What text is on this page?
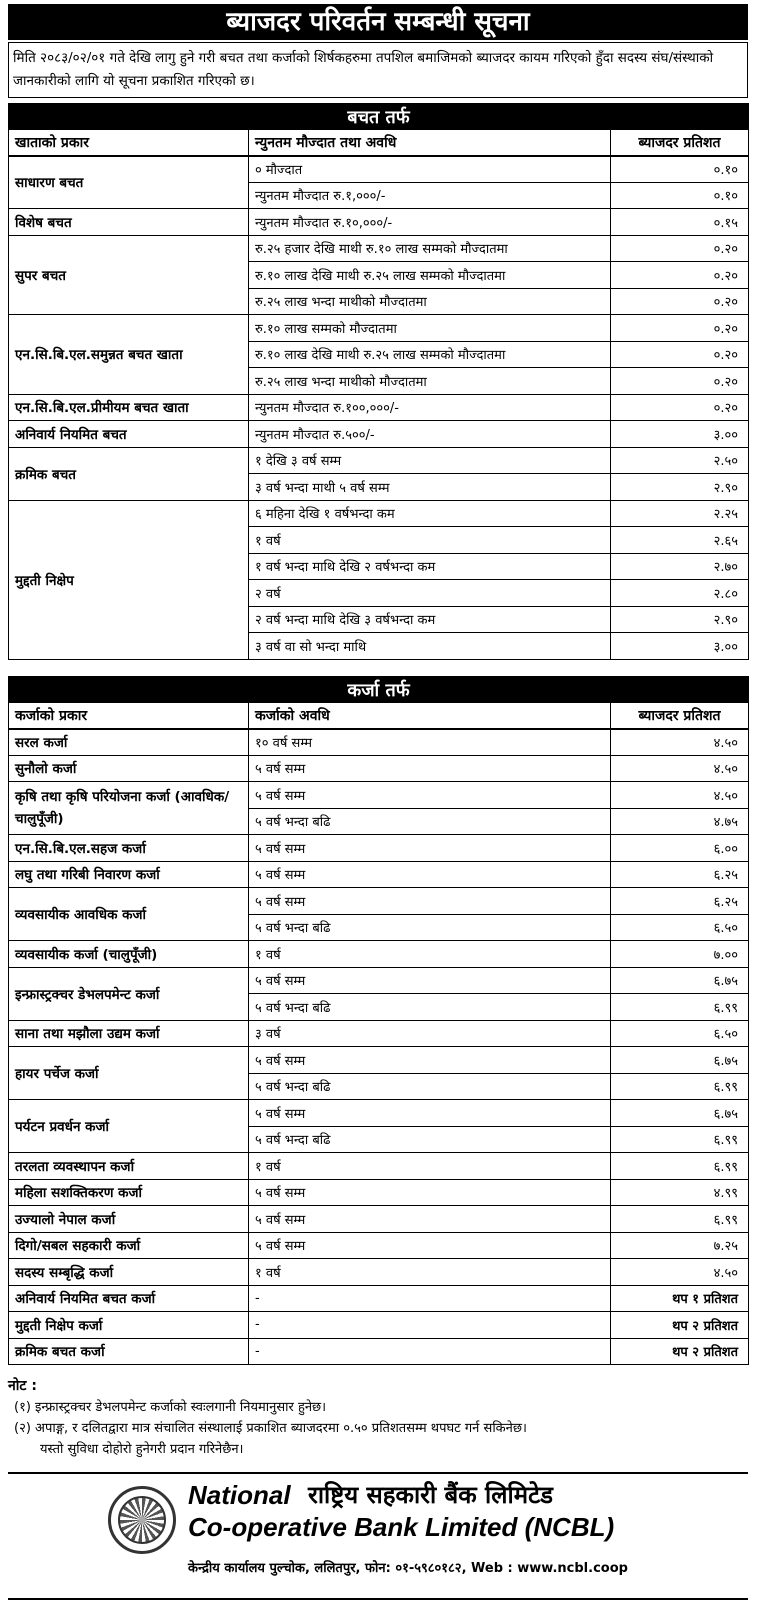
ब्याजदर परिवर्तन सम्बन्धी सूचना
मिति २०८३/०२/०१ गते देखि लागु हुने गरी बचत तथा कर्जाको शिर्षकहरुमा तपशिल बमाजिमको ब्याजदर कायम गरिएको हुँदा सदस्य संघ/संस्थाको जानकारीको लागि यो सूचना प्रकाशित गरिएको छ।
बचत तर्फ		
खाताको प्रकार	न्युनतम मौज्दात तथा अवधि	ब्याजदर प्रतिशत
साधारण बचत	० मौज्दात	०.१०
	न्युनतम मौज्दात रु.१,०००/-	०.१०
विशेष बचत	न्युनतम मौज्दात रु.१०,०००/-	०.१५
सुपर बचत	रु.२५ हजार देखि माथी रु.१० लाख सम्मको मौज्दातमा	०.२०
	रु.१० लाख देखि माथी रु.२५ लाख सम्मको मौज्दातमा	०.२०
	रु.२५ लाख भन्दा माथीको मौज्दातमा	०.२०
एन.सि.बि.एल.समुन्नत बचत खाता	रु.१० लाख सम्मको मौज्दातमा	०.२०
	रु.१० लाख देखि माथी रु.२५ लाख सम्मको मौज्दातमा	०.२०
	रु.२५ लाख भन्दा माथीको मौज्दातमा	०.२०
एन.सि.बि.एल.प्रीमीयम बचत खाता	न्युनतम मौज्दात रु.१००,०००/-	०.२०
अनिवार्य नियमित बचत	न्युनतम मौज्दात रु.५००/-	३.००
क्रमिक बचत	१ देखि ३ वर्ष सम्म	२.५०
	३ वर्ष भन्दा माथी ५ वर्ष सम्म	२.९०
मुद्दती निक्षेप	६ महिना देखि १ वर्षभन्दा कम	२.२५
	१ वर्ष	२.६५
	१ वर्ष भन्दा माथि देखि २ वर्षभन्दा कम	२.७०
	२ वर्ष	२.८०
	२ वर्ष भन्दा माथि देखि ३ वर्षभन्दा कम	२.९०
	३ वर्ष वा सो भन्दा माथि	३.००
कर्जा तर्फ		
कर्जाको प्रकार	कर्जाको अवधि	ब्याजदर प्रतिशत
सरल कर्जा	१० वर्ष सम्म	४.५०
सुनौलो कर्जा	५ वर्ष सम्म	४.५०
कृषि तथा कृषि परियोजना कर्जा (आवधिक/चालुपूँजी)	५ वर्ष सम्म	४.५०
	५ वर्ष भन्दा बढि	४.७५
एन.सि.बि.एल.सहज कर्जा	५ वर्ष सम्म	६.००
लघु तथा गरिबी निवारण कर्जा	५ वर्ष सम्म	६.२५
व्यवसायीक आवधिक कर्जा	५ वर्ष सम्म	६.२५
	५ वर्ष भन्दा बढि	६.५०
व्यवसायीक कर्जा (चालुपूँजी)	१ वर्ष	७.००
इन्फ्रास्ट्रक्चर डेभलपमेन्ट कर्जा	५ वर्ष सम्म	६.७५
	५ वर्ष भन्दा बढि	६.९९
साना तथा मझौला उद्यम कर्जा	३ वर्ष	६.५०
हायर पर्चेज कर्जा	५ वर्ष सम्म	६.७५
	५ वर्ष भन्दा बढि	६.९९
पर्यटन प्रवर्धन कर्जा	५ वर्ष सम्म	६.७५
	५ वर्ष भन्दा बढि	६.९९
तरलता व्यवस्थापन कर्जा	१ वर्ष	६.९९
महिला सशक्तिकरण कर्जा	५ वर्ष सम्म	४.९९
उज्यालो नेपाल कर्जा	५ वर्ष सम्म	६.९९
दिगो/सबल सहकारी कर्जा	५ वर्ष सम्म	७.२५
सदस्य सम्बृद्धि कर्जा	१ वर्ष	४.५०
अनिवार्य नियमित बचत कर्जा	-	थप १ प्रतिशत
मुद्दती निक्षेप कर्जा	-	थप २ प्रतिशत
क्रमिक बचत कर्जा	-	थप २ प्रतिशत
नोट :
(१) इन्फ्रास्ट्रक्चर डेभलपमेन्ट कर्जाको स्वःलगानी नियमानुसार हुनेछ।
(२) अपाङ्ग, र दलितद्वारा मात्र संचालित संस्थालाई प्रकाशित ब्याजदरमा ०.५० प्रतिशतसम्म थपघट गर्न सकिनेछ।
यस्तो सुविधा दोहोरो हुनेगरी प्रदान गरिनेछैन।
National राष्ट्रिय सहकारी बैंक लिमिटेड
Co-operative Bank Limited (NCBL)
केन्द्रीय कार्यालय पुल्चोक, ललितपुर, फोन: ०१-५९८०१८२, Web : www.ncbl.coop
